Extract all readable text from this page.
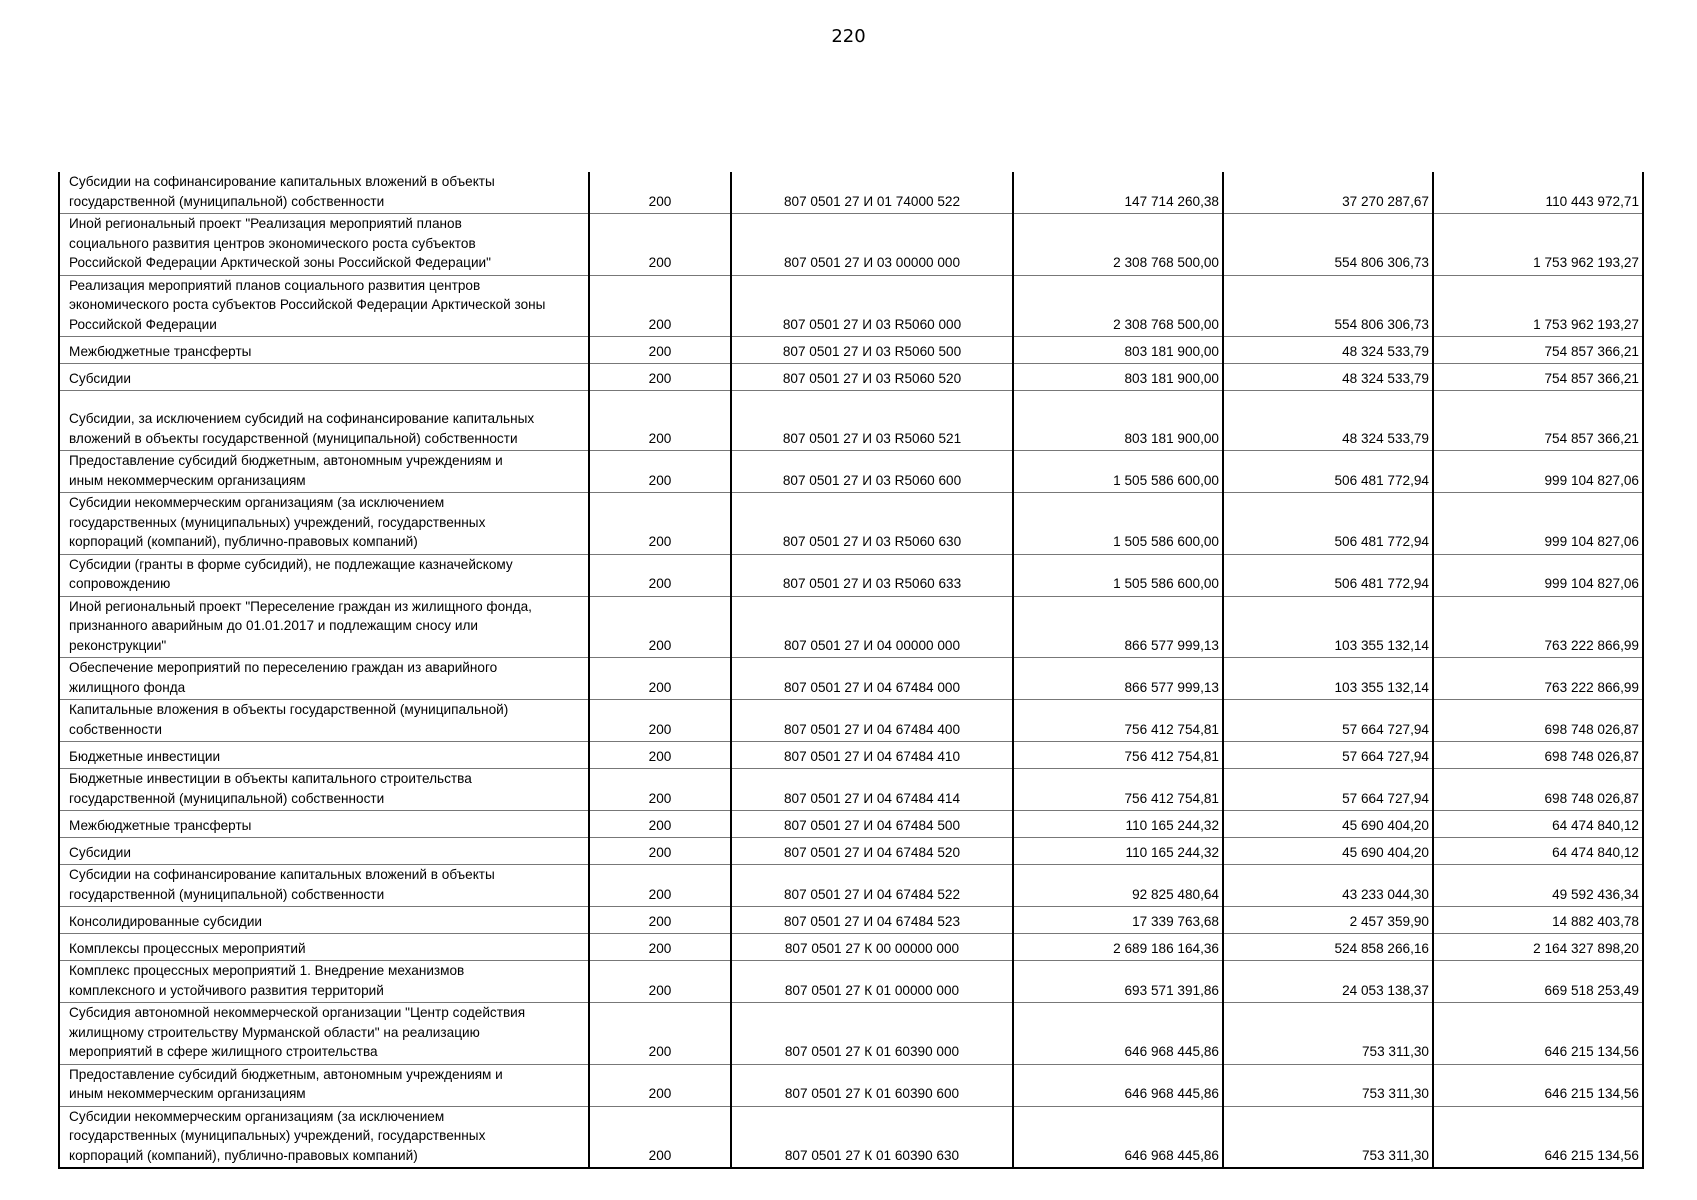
220
Субсидии на софинансирование капитальных вложений в объекты
государственной (муниципальной) собственности	200	807 0501 27 И 01 74000 522	147 714 260,38	37 270 287,67	110 443 972,71
Иной региональный проект "Реализация мероприятий планов
социального развития центров экономического роста субъектов
Российской Федерации Арктической зоны Российской Федерации"	200	807 0501 27 И 03 00000 000	2 308 768 500,00	554 806 306,73	1 753 962 193,27
Реализация мероприятий планов социального развития центров
экономического роста субъектов Российской Федерации Арктической зоны
Российской Федерации	200	807 0501 27 И 03 R5060 000	2 308 768 500,00	554 806 306,73	1 753 962 193,27
Межбюджетные трансферты	200	807 0501 27 И 03 R5060 500	803 181 900,00	48 324 533,79	754 857 366,21
Субсидии	200	807 0501 27 И 03 R5060 520	803 181 900,00	48 324 533,79	754 857 366,21
Субсидии, за исключением субсидий на софинансирование капитальных
вложений в объекты государственной (муниципальной) собственности	200	807 0501 27 И 03 R5060 521	803 181 900,00	48 324 533,79	754 857 366,21
Предоставление субсидий бюджетным, автономным учреждениям и
иным некоммерческим организациям	200	807 0501 27 И 03 R5060 600	1 505 586 600,00	506 481 772,94	999 104 827,06
Субсидии некоммерческим организациям (за исключением
государственных (муниципальных) учреждений, государственных
корпораций (компаний), публично-правовых компаний)	200	807 0501 27 И 03 R5060 630	1 505 586 600,00	506 481 772,94	999 104 827,06
Субсидии (гранты в форме субсидий), не подлежащие казначейскому
сопровождению	200	807 0501 27 И 03 R5060 633	1 505 586 600,00	506 481 772,94	999 104 827,06
Иной региональный проект "Переселение граждан из жилищного фонда,
признанного аварийным до 01.01.2017 и подлежащим сносу или
реконструкции"	200	807 0501 27 И 04 00000 000	866 577 999,13	103 355 132,14	763 222 866,99
Обеспечение мероприятий по переселению граждан из аварийного
жилищного фонда	200	807 0501 27 И 04 67484 000	866 577 999,13	103 355 132,14	763 222 866,99
Капитальные вложения в объекты государственной (муниципальной)
собственности	200	807 0501 27 И 04 67484 400	756 412 754,81	57 664 727,94	698 748 026,87
Бюджетные инвестиции	200	807 0501 27 И 04 67484 410	756 412 754,81	57 664 727,94	698 748 026,87
Бюджетные инвестиции в объекты капитального строительства
государственной (муниципальной) собственности	200	807 0501 27 И 04 67484 414	756 412 754,81	57 664 727,94	698 748 026,87
Межбюджетные трансферты	200	807 0501 27 И 04 67484 500	110 165 244,32	45 690 404,20	64 474 840,12
Субсидии	200	807 0501 27 И 04 67484 520	110 165 244,32	45 690 404,20	64 474 840,12
Субсидии на софинансирование капитальных вложений в объекты
государственной (муниципальной) собственности	200	807 0501 27 И 04 67484 522	92 825 480,64	43 233 044,30	49 592 436,34
Консолидированные субсидии	200	807 0501 27 И 04 67484 523	17 339 763,68	2 457 359,90	14 882 403,78
Комплексы процессных мероприятий	200	807 0501 27 К 00 00000 000	2 689 186 164,36	524 858 266,16	2 164 327 898,20
Комплекс процессных мероприятий 1. Внедрение механизмов
комплексного и устойчивого развития территорий	200	807 0501 27 К 01 00000 000	693 571 391,86	24 053 138,37	669 518 253,49
Субсидия автономной некоммерческой организации "Центр содействия
жилищному строительству Мурманской области" на реализацию
мероприятий в сфере жилищного строительства	200	807 0501 27 К 01 60390 000	646 968 445,86	753 311,30	646 215 134,56
Предоставление субсидий бюджетным, автономным учреждениям и
иным некоммерческим организациям	200	807 0501 27 К 01 60390 600	646 968 445,86	753 311,30	646 215 134,56
Субсидии некоммерческим организациям (за исключением
государственных (муниципальных) учреждений, государственных
корпораций (компаний), публично-правовых компаний)	200	807 0501 27 К 01 60390 630	646 968 445,86	753 311,30	646 215 134,56
